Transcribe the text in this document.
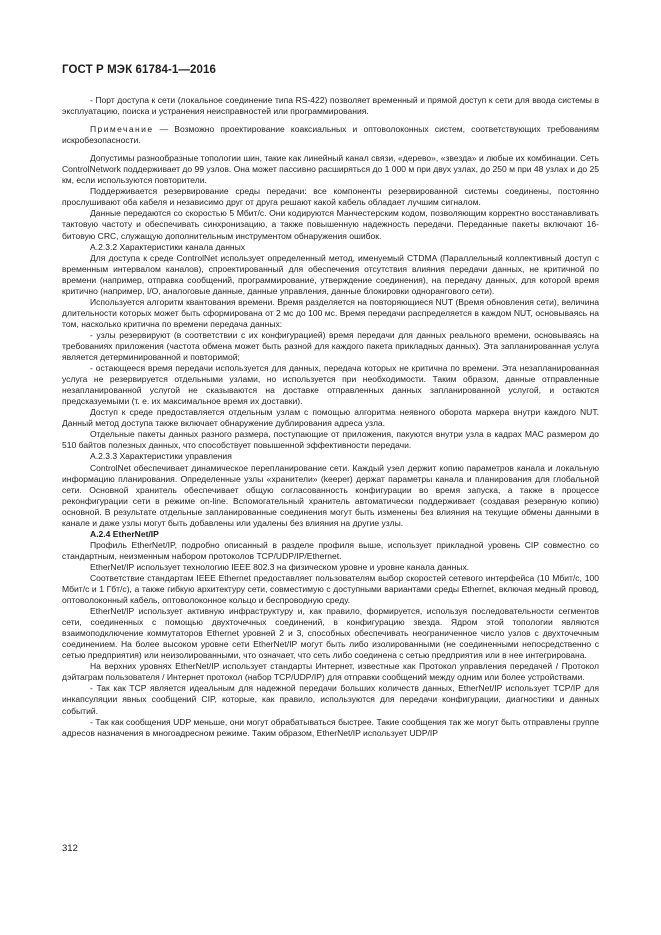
ГОСТ Р МЭК 61784-1—2016

- Порт доступа к сети (локальное соединение типа RS-422) позволяет временный и прямой доступ к сети для ввода системы в эксплуатацию, поиска и устранения неисправностей или программирования.

Примечание — Возможно проектирование коаксиальных и оптоволоконных систем, соответствующих требованиям искробезопасности.

Допустимы разнообразные топологии шин, такие как линейный канал связи, «дерево», «звезда» и любые их комбинации. Сеть ControlNetwork поддерживает до 99 узлов. Она может пассивно расширяться до 1 000 м при двух узлах, до 250 м при 48 узлах и до 25 км, если используются повторители.

Поддерживается резервирование среды передачи: все компоненты резервированной системы соединены, постоянно прослушивают оба кабеля и независимо друг от друга решают какой кабель обладает лучшим сигналом.

Данные передаются со скоростью 5 Мбит/с. Они кодируются Манчестерским кодом, позволяющим корректно восстанавливать тактовую частоту и обеспечивать синхронизацию, а также повышенную надежность передачи. Переданные пакеты включают 16-битовую CRC, служащую дополнительным инструментом обнаружения ошибок.

A.2.3.2 Характеристики канала данных

Для доступа к среде ControlNet использует определенный метод, именуемый CTDMA (Параллельный коллективный доступ с временным интервалом каналов), спроектированный для обеспечения отсутствия влияния передачи данных, не критичной по времени (например, отправка сообщений, программирование, утверждение соединения), на передачу данных, для которой время критично (например, I/O, аналоговые данные, данные управления, данные блокировки однорангового сети).

Используется алгоритм квантования времени. Время разделяется на повторяющиеся NUT (Время обновления сети), величина длительности которых может быть сформирована от 2 мс до 100 мс. Время передачи распределяется в каждом NUT, основываясь на том, насколько критична по времени передача данных:

- узлы резервируют (в соответствии с их конфигурацией) время передачи для данных реального времени, основываясь на требованиях приложения (частота обмена может быть разной для каждого пакета прикладных данных). Эта запланированная услуга является детерминированной и повторимой;

- остающееся время передачи используется для данных, передача которых не критична по времени. Эта незапланированная услуга не резервируется отдельными узлами, но используется при необходимости. Таким образом, данные отправленные незапланированной услугой не сказываются на доставке отправленных данных запланированной услугой, и остаются предсказуемыми (т. е. их максимальное время их доставки).

Доступ к среде предоставляется отдельным узлам с помощью алгоритма неявного оборота маркера внутри каждого NUT. Данный метод доступа также включает обнаружение дублирования адреса узла.

Отдельные пакеты данных разного размера, поступающие от приложения, пакуются внутри узла в кадрах MAC размером до 510 байтов полезных данных, что способствует повышенной эффективности передачи.

A.2.3.3 Характеристики управления

ControlNet обеспечивает динамическое перепланирование сети. Каждый узел держит копию параметров канала и локальную информацию планирования. Определенные узлы «хранители» (keeper) держат параметры канала и планирования для глобальной сети. Основной хранитель обеспечивает общую согласованность конфигурации во время запуска, а также в процессе реконфигурации сети в режиме on-line. Вспомогательный хранитель автоматически поддерживает (создавая резервную копию) основной. В результате отдельные запланированные соединения могут быть изменены без влияния на текущие обмены данными в канале и даже узлы могут быть добавлены или удалены без влияния на другие узлы.

A.2.4 EtherNet/IP

Профиль EtherNet/IP, подробно описанный в разделе профиля выше, использует прикладной уровень CIP совместно со стандартным, неизменным набором протоколов TCP/UDP/IP/Ethernet.

EtherNet/IP использует технологию IEEE 802.3 на физическом уровне и уровне канала данных.

Соответствие стандартам IEEE Ethernet предоставляет пользователям выбор скоростей сетевого интерфейса (10 Мбит/с, 100 Мбит/с и 1 Гбт/с), а также гибкую архитектуру сети, совместимую с доступными вариантами среды Ethernet, включая медный провод, оптоволоконный кабель, оптоволоконное кольцо и беспроводную среду.

EtherNet/IP использует активную инфраструктуру и, как правило, формируется, используя последовательности сегментов сети, соединенных с помощью двухточечных соединений, в конфигурацию звезда. Ядром этой топологии являются взаимоподключение коммутаторов Ethernet уровней 2 и 3, способных обеспечивать неограниченное число узлов с двухточечным соединением. На более высоком уровне сети EtherNet/IP могут быть либо изолированными (не соединенными непосредственно с сетью предприятия) или неизолированными, что означает, что сеть либо соединена с сетью предприятия или в нее интегрирована.

На верхних уровнях EtherNet/IP использует стандарты Интернет, известные как Протокол управления передачей / Протокол дэйтаграм пользователя / Интернет протокол (набор TCP/UDP/IP) для отправки сообщений между одним или более устройствами.

- Так как TCP является идеальным для надежной передачи больших количеств данных, EtherNet/IP использует TCP/IP для инкапсуляции явных сообщений CIP, которые, как правило, используются для передачи конфигурации, диагностики и данных событий.

- Так как сообщения UDP меньше, они могут обрабатываться быстрее. Такие сообщения так же могут быть отправлены группе адресов назначения в многоадресном режиме. Таким образом, EtherNet/IP использует UDP/IP

312
